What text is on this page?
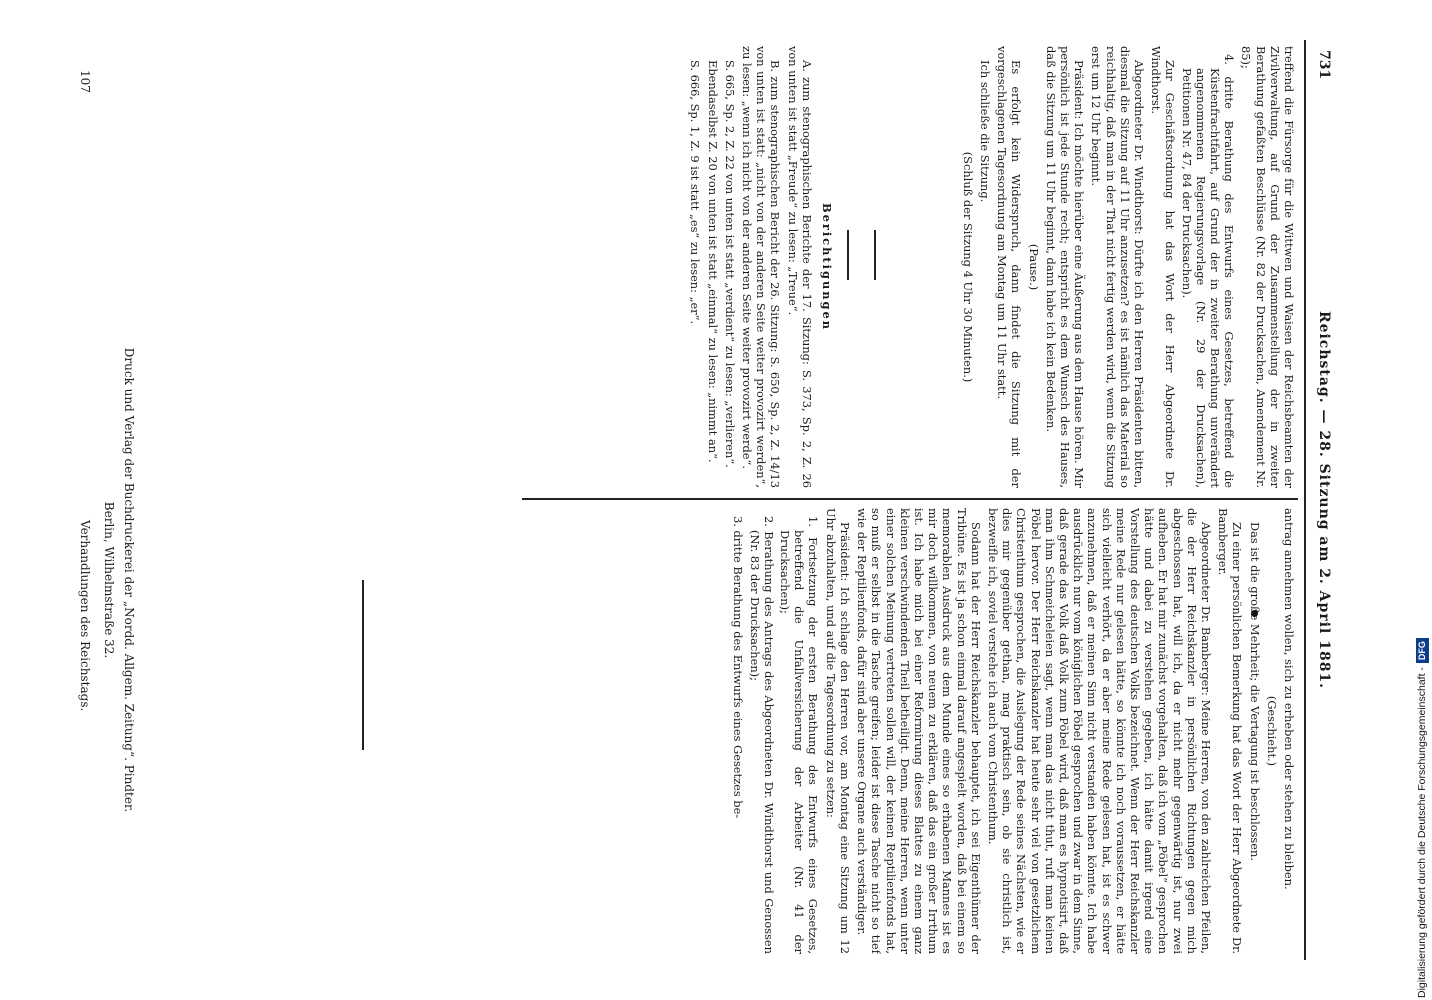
731
Reichstag. — 28. Sitzung am 2. April 1881.

treffend die Fürsorge für die Wittwen und Waisen der Reichsbeamten der Zivilverwaltung, auf Grund der Zusammenstellung der in zweiter Berathung gefaßten Beschlüsse (Nr. 82 der Drucksachen, Amendement Nr. 85);

4. dritte Berathung des Entwurfs eines Gesetzes, betreffend die Küstenfrachtfahrt, auf Grund der in zweiter Berathung unverändert angenommenen Regierungsvorlage (Nr. 29 der Drucksachen), Petitionen Nr. 47, 84 der Drucksachen).

Zur Geschäftsordnung hat das Wort der Herr Abgeordnete Dr. Windthorst.

Abgeordneter Dr. Windthorst: Dürfte ich den Herren Präsidenten bitten, diesmal die Sitzung auf 11 Uhr anzusetzen? es ist nämlich das Material so reichhaltig, daß man in der That nicht fertig werden wird, wenn die Sitzung erst um 12 Uhr beginnt.

Präsident: Ich möchte hierüber eine Äußerung aus dem Hause hören. Mir persönlich ist jede Stunde recht; entspricht es dem Wunsch des Hauses, daß die Sitzung um 11 Uhr beginnt, dann habe ich kein Bedenken.

(Pause.)

Es erfolgt kein Widerspruch, dann findet die Sitzung mit der vorgeschlagenen Tagesordnung am Montag um 11 Uhr statt.

Ich schließe die Sitzung.

(Schluß der Sitzung 4 Uhr 30 Minuten.)

Berichtigungen

A. zum stenographischen Berichte der 17. Sitzung: S. 373, Sp. 2, Z. 26 von unten ist statt „Freude“ zu lesen: „Treue“.

B. zum stenographischen Bericht der 26. Sitzung: S. 650, Sp. 2, Z. 14/13 von unten ist statt: „nicht von der anderen Seite weiter provozirt werden“, zu lesen: „wenn ich nicht von der anderen Seite weiter provozirt werde“.

S. 665, Sp. 2, Z. 22 von unten ist statt „verdient“ zu lesen: „verlieren“.

Ebendaselbst Z. 20 von unten ist statt „einmal“ zu lesen: „nimmt an“.

S. 666, Sp. 1, Z. 9 ist statt „es“ zu lesen: „er“.

antrag annehmen wollen, sich zu erheben oder stehen zu bleiben.

(Geschieht.)

Das ist die große Mehrheit; die Vertagung ist beschlossen.

Zu einer persönlichen Bemerkung hat das Wort der Herr Abgeordnete Dr. Bamberger.

Abgeordneter Dr. Bamberger: Meine Herren, von den zahlreichen Pfeilen, die der Herr Reichskanzler in persönlichen Richtungen gegen mich abgeschossen hat, will ich, da er nicht mehr gegenwärtig ist, nur zwei aufheben. Er hat mir zunächst vorgehalten, daß ich vom „Pöbel“ gesprochen hätte und dabei zu verstehen gegeben, ich hätte damit irgend eine Vorstellung des deutschen Volks bezeichnet. Wenn der Herr Reichskanzler meine Rede nur gelesen hätte, so könnte ich noch voraussetzen, er hätte sich vielleicht verhört, da er aber meine Rede gelesen hat, ist es schwer anzunehmen, daß er meinen Sinn nicht verstanden haben könnte. Ich habe ausdrücklich nur vom königlichen Pöbel gesprochen und zwar in dem Sinne, daß gerade das Volk daß Volk zum Pöbel wird, daß man es hypnotisirt, daß man ihm Schmeicheleien sagt, wenn man das nicht thut, ruft man keinen Pöbel hervor. Der Herr Reichskanzler hat heute sehr viel von gesetzlichem Christenthum gesprochen, die Auslegung der Rede seines Nächsten, wie er dies mir gegenüber gethan, mag praktisch sein, ob sie christlich ist, bezweifle ich, soviel verstehe ich auch vom Christenthum.

Sodann hat der Herr Reichskanzler behauptet, ich sei Eigenthümer der Tribüne. Es ist ja schon einmal darauf angespielt worden, daß bei einem so memorablen Ausdruck aus dem Munde eines so erhabenen Mannes ist es mir doch willkommen, von neuem zu erklären, daß das ein großer Irrthum ist. Ich habe mich bei einer Reformirung dieses Blattes zu einem ganz kleinen verschwindenden Theil betheiligt. Denn, meine Herren, wenn unter einer solchen Meinung vertreten sollen will, der keinen Reptilienfonds hat, so muß er selbst in die Tasche greifen; leider ist diese Tasche nicht so tief wie der Reptilienfonds, dafür sind aber unsere Organe auch verständiger.

Präsident: Ich schlage den Herren vor, am Montag eine Sitzung um 12 Uhr abzuhalten, und auf die Tagesordnung zu setzen:

1. Fortsetzung der ersten Berathung des Entwurfs eines Gesetzes, betreffend die Unfallversicherung der Arbeiter (Nr. 41 der Drucksachen);

2. Berathung des Antrags des Abgeordneten Dr. Windthorst und Genossen (Nr. 83 der Drucksachen);

3. dritte Berathung des Entwurfs eines Gesetzes be-

Verhandlungen des Reichstags.	Druck und Verlag der Buchdruckerei der „Nordd. Allgem. Zeitung“. Pindter.
Berlin, Wilhelmstraße 32.
107
Digitalisierung gefördert durch die Deutsche Forschungsgemeinschaft -DFG
